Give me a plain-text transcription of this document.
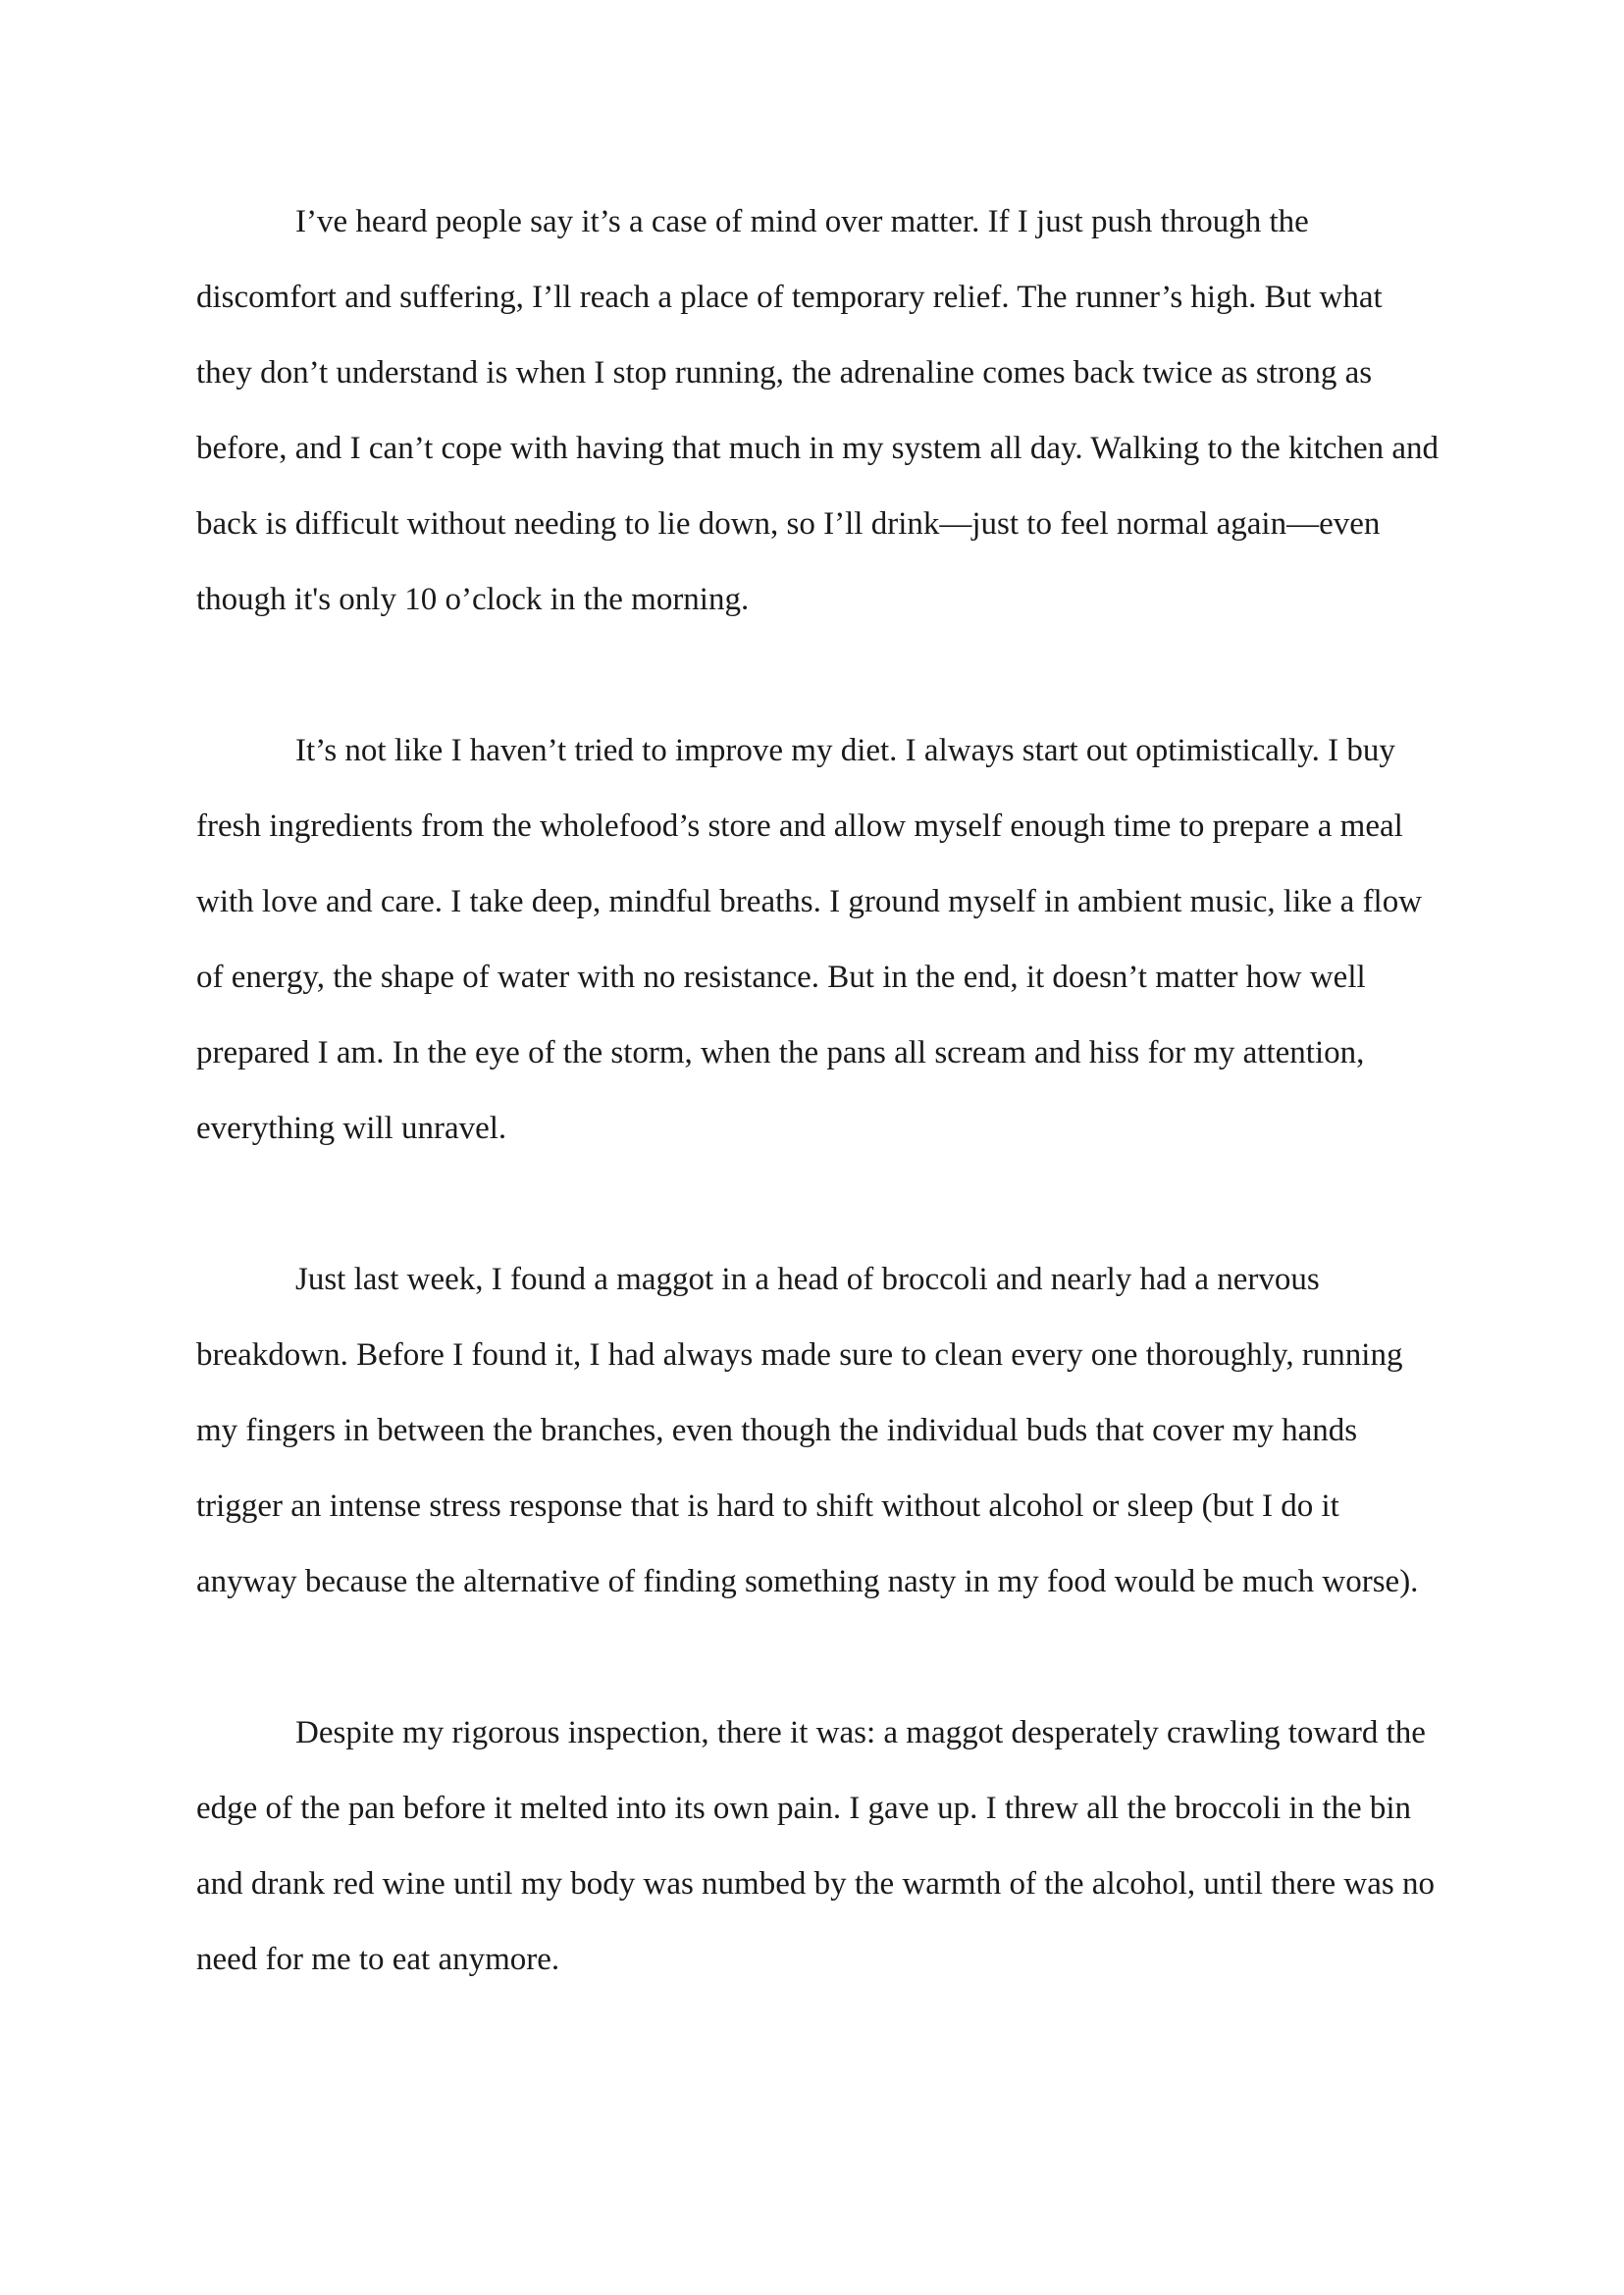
I’ve heard people say it’s a case of mind over matter. If I just push through the discomfort and suffering, I’ll reach a place of temporary relief. The runner’s high. But what they don’t understand is when I stop running, the adrenaline comes back twice as strong as before, and I can’t cope with having that much in my system all day. Walking to the kitchen and back is difficult without needing to lie down, so I’ll drink—just to feel normal again—even though it's only 10 o’clock in the morning.

It’s not like I haven’t tried to improve my diet. I always start out optimistically. I buy fresh ingredients from the wholefood’s store and allow myself enough time to prepare a meal with love and care. I take deep, mindful breaths. I ground myself in ambient music, like a flow of energy, the shape of water with no resistance. But in the end, it doesn’t matter how well prepared I am. In the eye of the storm, when the pans all scream and hiss for my attention, everything will unravel.

Just last week, I found a maggot in a head of broccoli and nearly had a nervous breakdown. Before I found it, I had always made sure to clean every one thoroughly, running my fingers in between the branches, even though the individual buds that cover my hands trigger an intense stress response that is hard to shift without alcohol or sleep (but I do it anyway because the alternative of finding something nasty in my food would be much worse).

Despite my rigorous inspection, there it was: a maggot desperately crawling toward the edge of the pan before it melted into its own pain. I gave up. I threw all the broccoli in the bin and drank red wine until my body was numbed by the warmth of the alcohol, until there was no need for me to eat anymore.
